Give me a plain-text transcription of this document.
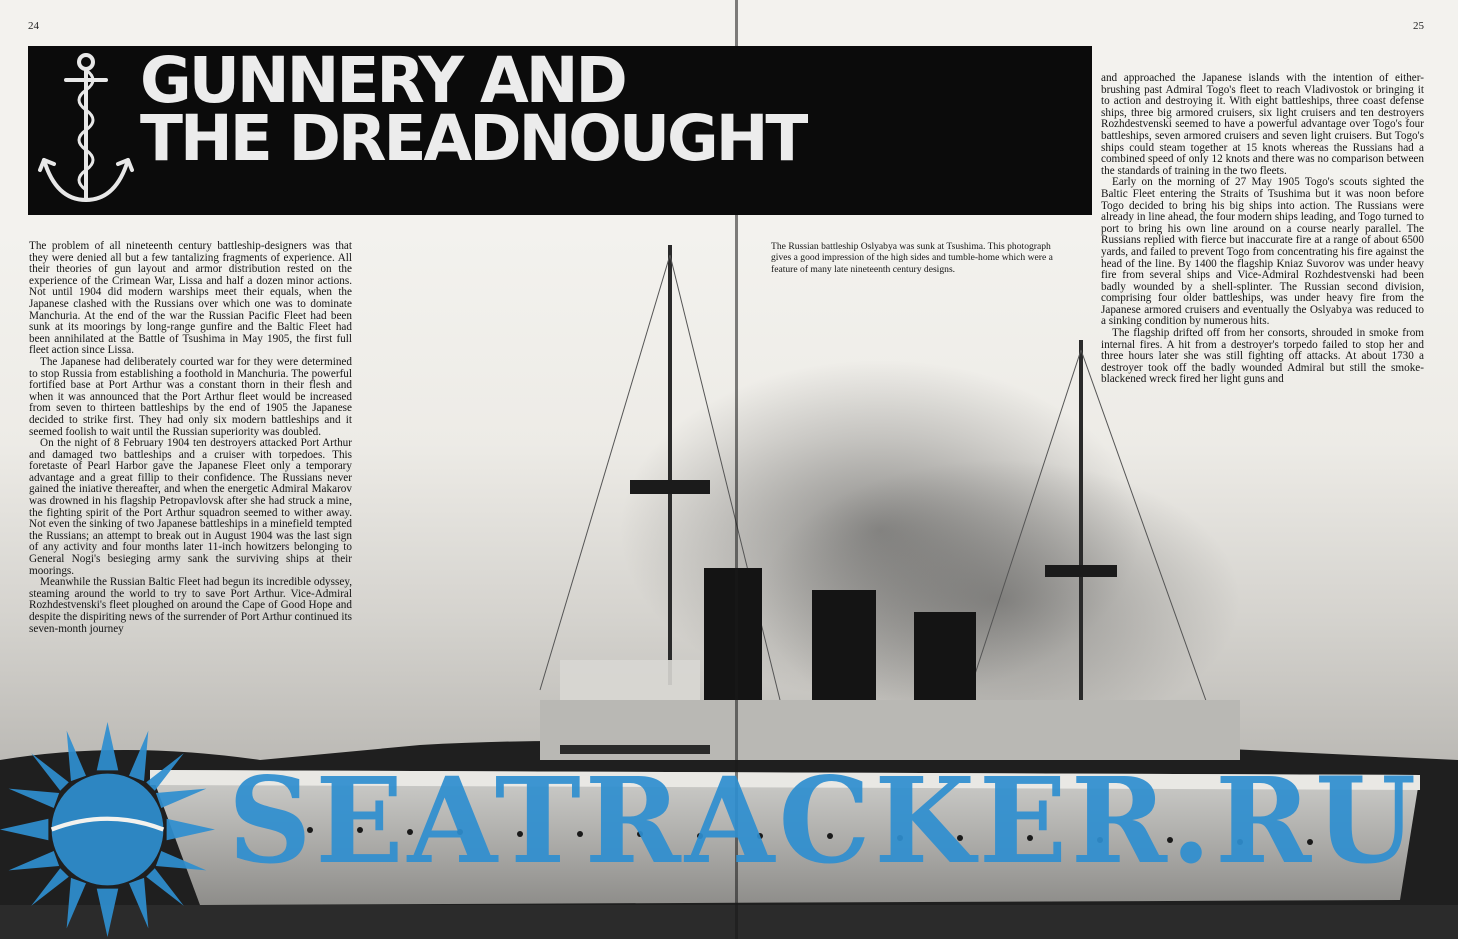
24	25
GUNNERY AND
THE DREADNOUGHT

The problem of all nineteenth century battleship-designers was that they were denied all but a few tantalizing fragments of experience. All their theories of gun layout and armor distribution rested on the experience of the Crimean War, Lissa and half a dozen minor actions. Not until 1904 did modern warships meet their equals, when the Japanese clashed with the Russians over which one was to dominate Manchuria. At the end of the war the Russian Pacific Fleet had been sunk at its moorings by long-range gunfire and the Baltic Fleet had been annihilated at the Battle of Tsushima in May 1905, the first full fleet action since Lissa.

The Japanese had deliberately courted war for they were determined to stop Russia from establishing a foothold in Manchuria. The powerful fortified base at Port Arthur was a constant thorn in their flesh and when it was announced that the Port Arthur fleet would be increased from seven to thirteen battleships by the end of 1905 the Japanese decided to strike first. They had only six modern battleships and it seemed foolish to wait until the Russian superiority was doubled.

On the night of 8 February 1904 ten destroyers attacked Port Arthur and damaged two battleships and a cruiser with torpedoes. This foretaste of Pearl Harbor gave the Japanese Fleet only a temporary advantage and a great fillip to their confidence. The Russians never gained the iniative thereafter, and when the energetic Admiral Makarov was drowned in his flagship Petropavlovsk after she had struck a mine, the fighting spirit of the Port Arthur squadron seemed to wither away. Not even the sinking of two Japanese battleships in a minefield tempted the Russians; an attempt to break out in August 1904 was the last sign of any activity and four months later 11-inch howitzers belonging to General Nogi's besieging army sank the surviving ships at their moorings.

Meanwhile the Russian Baltic Fleet had begun its incredible odyssey, steaming around the world to try to save Port Arthur. Vice-Admiral Rozhdestvenski's fleet ploughed on around the Cape of Good Hope and despite the dispiriting news of the surrender of Port Arthur continued its seven-month journey

The Russian battleship Oslyabya was sunk at Tsushima. This photograph gives a good impression of the high sides and tumble-home which were a feature of many late nineteenth century designs.

and approached the Japanese islands with the intention of either-brushing past Admiral Togo's fleet to reach Vladivostok or bringing it to action and destroying it. With eight battleships, three coast defense ships, three big armored cruisers, six light cruisers and ten destroyers Rozhdestvenski seemed to have a powerful advantage over Togo's four battleships, seven armored cruisers and seven light cruisers. But Togo's ships could steam together at 15 knots whereas the Russians had a combined speed of only 12 knots and there was no comparison between the standards of training in the two fleets.

Early on the morning of 27 May 1905 Togo's scouts sighted the Baltic Fleet entering the Straits of Tsushima but it was noon before Togo decided to bring his big ships into action. The Russians were already in line ahead, the four modern ships leading, and Togo turned to port to bring his own line around on a course nearly parallel. The Russians replied with fierce but inaccurate fire at a range of about 6500 yards, and failed to prevent Togo from concentrating his fire against the head of the line. By 1400 the flagship Kniaz Suvorov was under heavy fire from several ships and Vice-Admiral Rozhdestvenski had been badly wounded by a shell-splinter. The Russian second division, comprising four older battleships, was under heavy fire from the Japanese armored cruisers and eventually the Oslyabya was reduced to a sinking condition by numerous hits.

The flagship drifted off from her consorts, shrouded in smoke from internal fires. A hit from a destroyer's torpedo failed to stop her and three hours later she was still fighting off attacks. At about 1730 a destroyer took off the badly wounded Admiral but still the smoke-blackened wreck fired her light guns and

SEATRACKER.RU
